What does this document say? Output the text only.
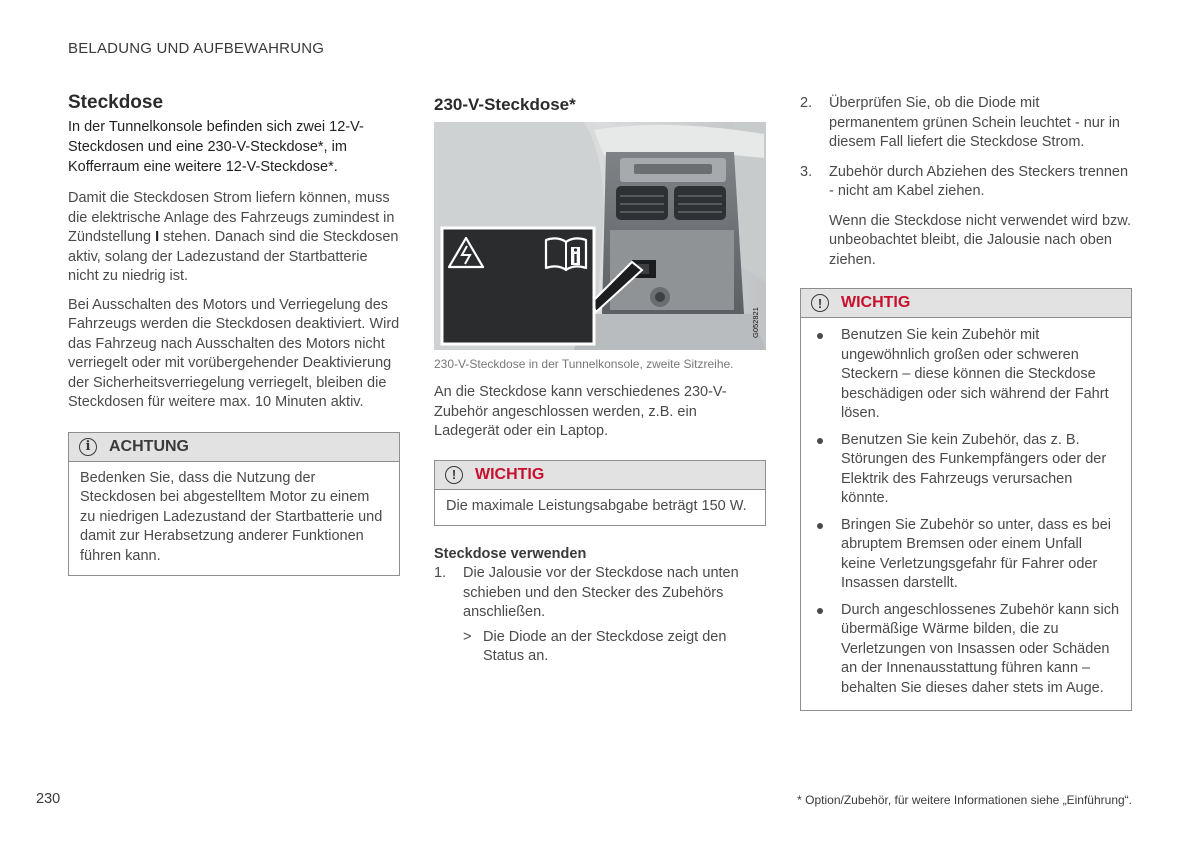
BELADUNG UND AUFBEWAHRUNG
Steckdose

In der Tunnelkonsole befinden sich zwei 12-V-Steckdosen und eine 230-V-Steckdose*, im Kofferraum eine weitere 12-V-Steckdose*.

Damit die Steckdosen Strom liefern können, muss die elektrische Anlage des Fahrzeugs zumindest in Zündstellung I stehen. Danach sind die Steckdosen aktiv, solang der Ladezustand der Startbatterie nicht zu niedrig ist.

Bei Ausschalten des Motors und Verriegelung des Fahrzeugs werden die Steckdosen deaktiviert. Wird das Fahrzeug nach Ausschalten des Motors nicht verriegelt oder mit vorübergehender Deaktivierung der Sicherheitsverriegelung verriegelt, bleiben die Steckdosen für weitere max. 10 Minuten aktiv.

i	ACHTUNG
Bedenken Sie, dass die Nutzung der Steckdosen bei abgestelltem Motor zu einem zu niedrigen Ladezustand der Startbatterie und damit zur Herabsetzung anderer Funktionen führen kann.
230-V-Steckdose*
G052821
230-V-Steckdose in der Tunnelkonsole, zweite Sitzreihe.

An die Steckdose kann verschiedenes 230-V-Zubehör angeschlossen werden, z.B. ein Ladegerät oder ein Laptop.

!	WICHTIG
Die maximale Leistungsabgabe beträgt 150 W.
Steckdose verwenden
1. Die Jalousie vor der Steckdose nach unten schieben und den Stecker des Zubehörs anschließen.
> Die Diode an der Steckdose zeigt den Status an.
2. Überprüfen Sie, ob die Diode mit permanentem grünen Schein leuchtet - nur in diesem Fall liefert die Steckdose Strom.
3. Zubehör durch Abziehen des Steckers trennen - nicht am Kabel ziehen.

Wenn die Steckdose nicht verwendet wird bzw. unbeobachtet bleibt, die Jalousie nach oben ziehen.

!	WICHTIG
Benutzen Sie kein Zubehör mit ungewöhnlich großen oder schweren Steckern – diese können die Steckdose beschädigen oder sich während der Fahrt lösen.
Benutzen Sie kein Zubehör, das z. B. Störungen des Funkempfängers oder der Elektrik des Fahrzeugs verursachen könnte.
Bringen Sie Zubehör so unter, dass es bei abruptem Bremsen oder einem Unfall keine Verletzungsgefahr für Fahrer oder Insassen darstellt.
Durch angeschlossenes Zubehör kann sich übermäßige Wärme bilden, die zu Verletzungen von Insassen oder Schäden an der Innenausstattung führen kann – behalten Sie dieses daher stets im Auge.
230	* Option/Zubehör, für weitere Informationen siehe „Einführung“.
